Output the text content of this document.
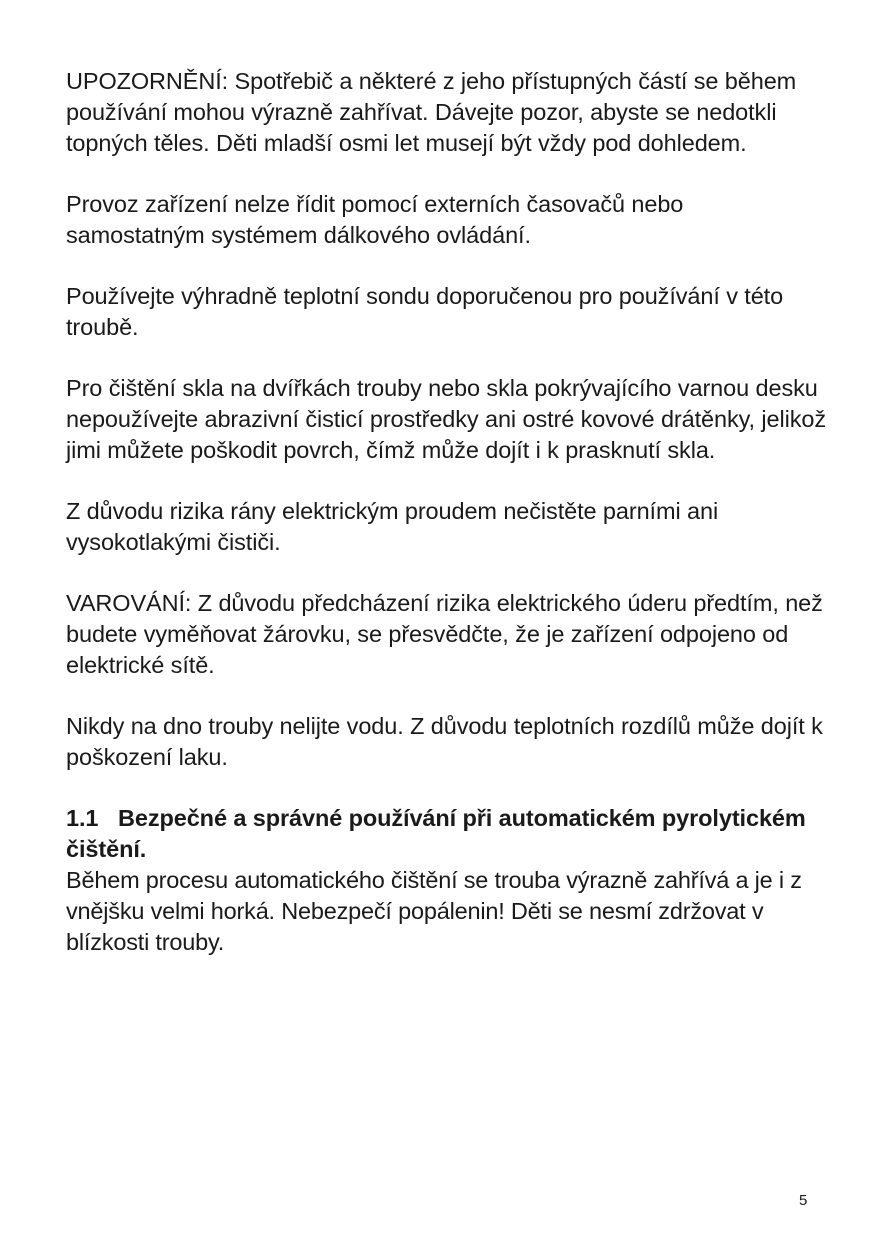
UPOZORNĚNÍ: Spotřebič a některé z jeho přístupných částí se během používání mohou výrazně zahřívat. Dávejte pozor, abyste se nedotkli topných těles. Děti mladší osmi let musejí být vždy pod dohledem.

Provoz zařízení nelze řídit pomocí externích časovačů nebo samostatným systémem dálkového ovládání.

Používejte výhradně teplotní sondu doporučenou pro používání v této troubě.

Pro čištění skla na dvířkách trouby nebo skla pokrývajícího varnou desku nepoužívejte abrazivní čisticí prostředky ani ostré kovové drátěnky, jelikož jimi můžete poškodit povrch, čímž může dojít i k prasknutí skla.

Z důvodu rizika rány elektrickým proudem nečistěte parními ani vysokotlakými čističi.

VAROVÁNÍ: Z důvodu předcházení rizika elektrického úderu předtím, než budete vyměňovat žárovku, se přesvědčte, že je zařízení odpojeno od elektrické sítě.

Nikdy na dno trouby nelijte vodu. Z důvodu teplotních rozdílů může dojít k poškození laku.

1.1 Bezpečné a správné používání při automatickém pyrolytickém čištění.

Během procesu automatického čištění se trouba výrazně zahřívá a je i z vnějšku velmi horká. Nebezpečí popálenin! Děti se nesmí zdržovat v blízkosti trouby.

5
